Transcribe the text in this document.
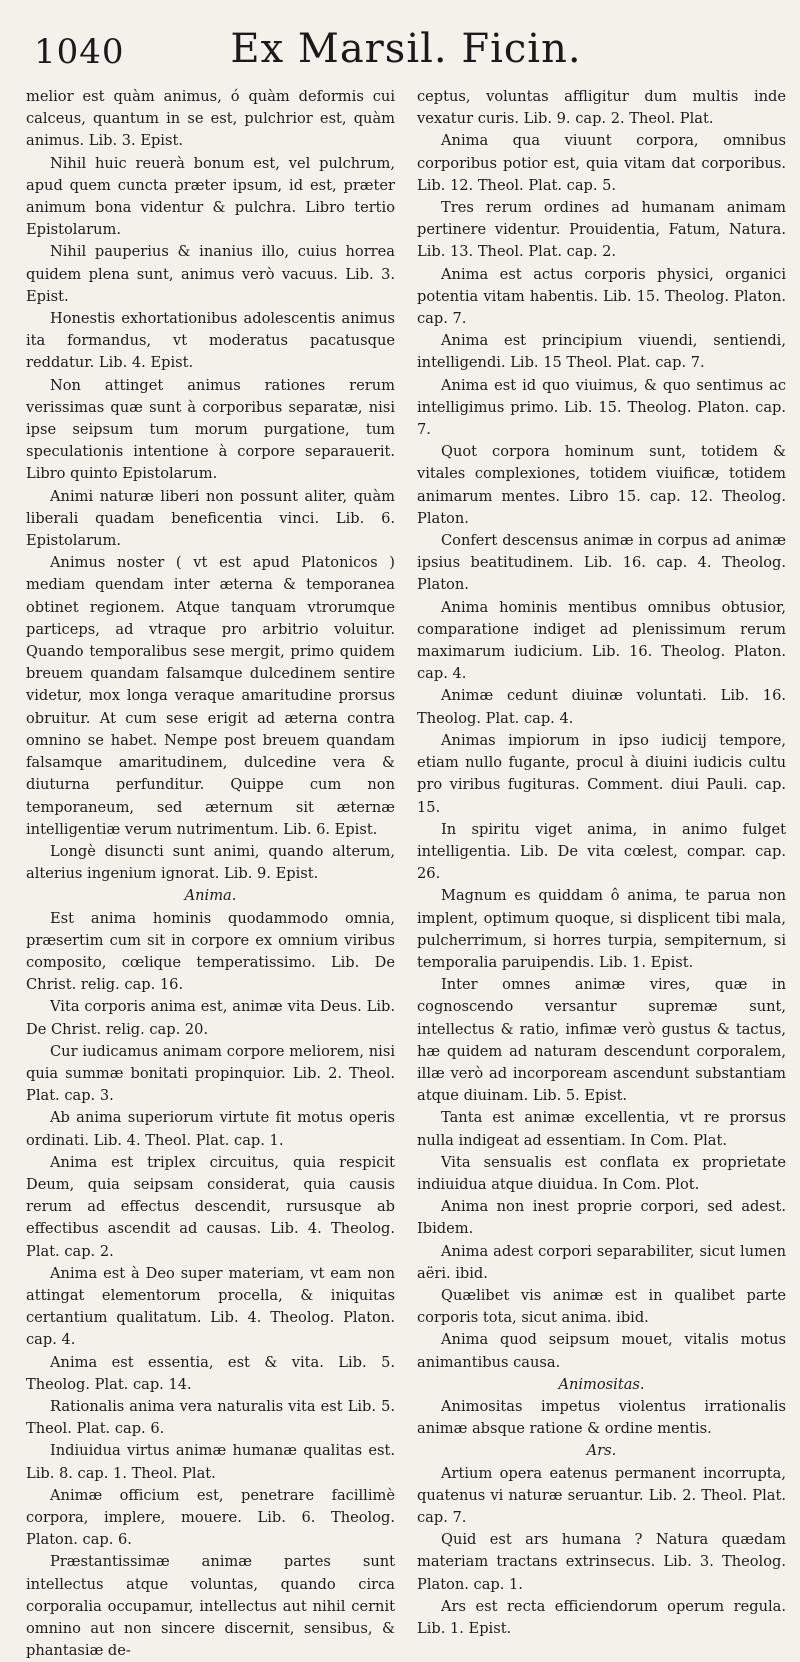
1040	Ex Marsil. Ficin.

melior est quàm animus, ó quàm deformis cui calceus, quantum in se est, pulchrior est, quàm animus. Lib. 3. Epist.

Nihil huic reuerà bonum est, vel pulchrum, apud quem cuncta præter ipsum, id est, præter animum bona videntur & pulchra. Libro tertio Epistolarum.

Nihil pauperius & inanius illo, cuius horrea quidem plena sunt, animus verò vacuus. Lib. 3. Epist.

Honestis exhortationibus adolescentis animus ita formandus, vt moderatus pacatusque reddatur. Lib. 4. Epist.

Non attinget animus rationes rerum verissimas quæ sunt à corporibus separatæ, nisi ipse seipsum tum morum purgatione, tum speculationis intentione à corpore separauerit. Libro quinto Epistolarum.

Animi naturæ liberi non possunt aliter, quàm liberali quadam beneficentia vinci. Lib. 6. Epistolarum.

Animus noster ( vt est apud Platonicos ) mediam quendam inter æterna & temporanea obtinet regionem. Atque tanquam vtrorumque particeps, ad vtraque pro arbitrio voluitur. Quando temporalibus sese mergit, primo quidem breuem quandam falsamque dulcedinem sentire videtur, mox longa veraque amaritudine prorsus obruitur. At cum sese erigit ad æterna contra omnino se habet. Nempe post breuem quandam falsamque amaritudinem, dulcedine vera & diuturna perfunditur. Quippe cum non temporaneum, sed æternum sit æternæ intelligentiæ verum nutrimentum. Lib. 6. Epist.

Longè disuncti sunt animi, quando alterum, alterius ingenium ignorat. Lib. 9. Epist.

Anima.

Est anima hominis quodammodo omnia, præsertim cum sit in corpore ex omnium viribus composito, cœlique temperatissimo. Lib. De Christ. relig. cap. 16.

Vita corporis anima est, animæ vita Deus. Lib. De Christ. relig. cap. 20.

Cur iudicamus animam corpore meliorem, nisi quia summæ bonitati propinquior. Lib. 2. Theol. Plat. cap. 3.

Ab anima superiorum virtute fit motus operis ordinati. Lib. 4. Theol. Plat. cap. 1.

Anima est triplex circuitus, quia respicit Deum, quia seipsam considerat, quia causis rerum ad effectus descendit, rursusque ab effectibus ascendit ad causas. Lib. 4. Theolog. Plat. cap. 2.

Anima est à Deo super materiam, vt eam non attingat elementorum procella, & iniquitas certantium qualitatum. Lib. 4. Theolog. Platon. cap. 4.

Anima est essentia, est & vita. Lib. 5. Theolog. Plat. cap. 14.

Rationalis anima vera naturalis vita est Lib. 5. Theol. Plat. cap. 6.

Indiuidua virtus animæ humanæ qualitas est. Lib. 8. cap. 1. Theol. Plat.

Animæ officium est, penetrare facillimè corpora, implere, mouere. Lib. 6. Theolog. Platon. cap. 6.

Præstantissimæ animæ partes sunt intellectus atque voluntas, quando circa corporalia occupamur, intellectus aut nihil cernit omnino aut non sincere discernit, sensibus, & phantasiæ de-

ceptus, voluntas affligitur dum multis inde vexatur curis. Lib. 9. cap. 2. Theol. Plat.

Anima qua viuunt corpora, omnibus corporibus potior est, quia vitam dat corporibus. Lib. 12. Theol. Plat. cap. 5.

Tres rerum ordines ad humanam animam pertinere videntur. Prouidentia, Fatum, Natura. Lib. 13. Theol. Plat. cap. 2.

Anima est actus corporis physici, organici potentia vitam habentis. Lib. 15. Theolog. Platon. cap. 7.

Anima est principium viuendi, sentiendi, intelligendi. Lib. 15 Theol. Plat. cap. 7.

Anima est id quo viuimus, & quo sentimus ac intelligimus primo. Lib. 15. Theolog. Platon. cap. 7.

Quot corpora hominum sunt, totidem & vitales complexiones, totidem viuificæ, totidem animarum mentes. Libro 15. cap. 12. Theolog. Platon.

Confert descensus animæ in corpus ad animæ ipsius beatitudinem. Lib. 16. cap. 4. Theolog. Platon.

Anima hominis mentibus omnibus obtusior, comparatione indiget ad plenissimum rerum maximarum iudicium. Lib. 16. Theolog. Platon. cap. 4.

Animæ cedunt diuinæ voluntati. Lib. 16. Theolog. Plat. cap. 4.

Animas impiorum in ipso iudicij tempore, etiam nullo fugante, procul à diuini iudicis cultu pro viribus fugituras. Comment. diui Pauli. cap. 15.

In spiritu viget anima, in animo fulget intelligentia. Lib. De vita cœlest, compar. cap. 26.

Magnum es quiddam ô anima, te parua non implent, optimum quoque, si displicent tibi mala, pulcherrimum, si horres turpia, sempiternum, si temporalia paruipendis. Lib. 1. Epist.

Inter omnes animæ vires, quæ in cognoscendo versantur supremæ sunt, intellectus & ratio, infimæ verò gustus & tactus, hæ quidem ad naturam descendunt corporalem, illæ verò ad incorpoream ascendunt substantiam atque diuinam. Lib. 5. Epist.

Tanta est animæ excellentia, vt re prorsus nulla indigeat ad essentiam. In Com. Plat.

Vita sensualis est conflata ex proprietate indiuidua atque diuidua. In Com. Plot.

Anima non inest proprie corpori, sed adest. Ibidem.

Anima adest corpori separabiliter, sicut lumen aëri. ibid.

Quælibet vis animæ est in qualibet parte corporis tota, sicut anima. ibid.

Anima quod seipsum mouet, vitalis motus animantibus causa.

Animositas.

Animositas impetus violentus irrationalis animæ absque ratione & ordine mentis.

Ars.

Artium opera eatenus permanent incorrupta, quatenus vi naturæ seruantur. Lib. 2. Theol. Plat. cap. 7.

Quid est ars humana ? Natura quædam materiam tractans extrinsecus. Lib. 3. Theolog. Platon. cap. 1.

Ars est recta efficiendorum operum regula. Lib. 1. Epist.
